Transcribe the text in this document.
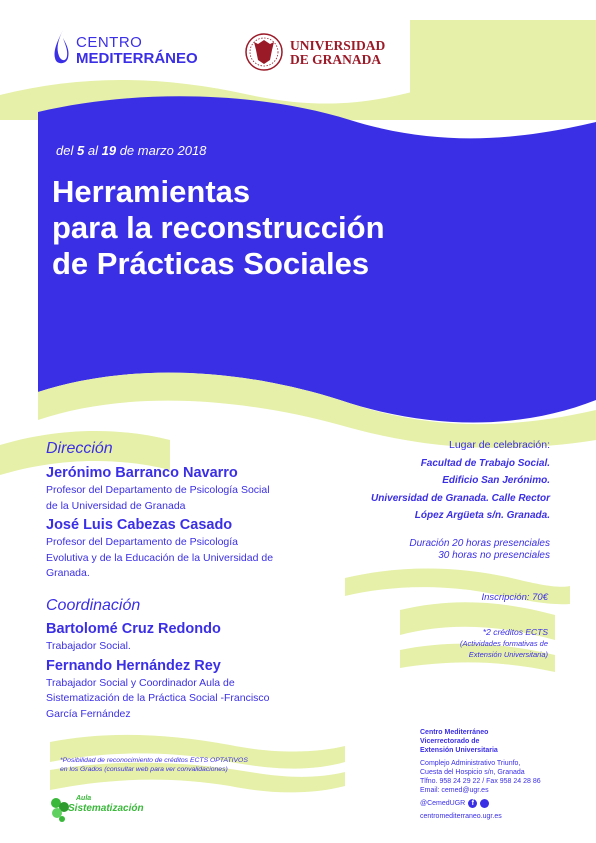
CENTRO
MEDITERRÁNEO
UNIVERSIDAD
DE GRANADA
del 5 al 19 de marzo 2018
Herramientas
para la reconstrucción
de Prácticas Sociales
Dirección
Jerónimo Barranco Navarro
Profesor del Departamento de Psicología Social
de la Universidad de Granada
José Luis Cabezas Casado
Profesor del Departamento de Psicología
Evolutiva y de la Educación de la Universidad de
Granada.
Coordinación
Bartolomé Cruz Redondo
Trabajador Social.
Fernando Hernández Rey
Trabajador Social y Coordinador Aula de
Sistematización de la Práctica Social -Francisco
García Fernández
Lugar de celebración:
Facultad de Trabajo Social.
Edificio San Jerónimo.
Universidad de Granada. Calle Rector
López Argüeta s/n. Granada.
Duración 20 horas presenciales
30 horas no presenciales
Inscripción: 70€
*2 créditos ECTS
(Actividades formativas de
Extensión Universitaria)
*Posibilidad de reconocimiento de créditos ECTS OPTATIVOS
en los Grados (consultar web para ver convalidaciones)
Aula
Sistematización
Centro Mediterráneo
Vicerrectorado de
Extensión Universitaria
Complejo Administrativo Triunfo,
Cuesta del Hospicio s/n, Granada
Tlfno. 958 24 29 22 / Fax 958 24 28 86
Email: cemed@ugr.es
@CemedUGR f
centromediterraneo.ugr.es
